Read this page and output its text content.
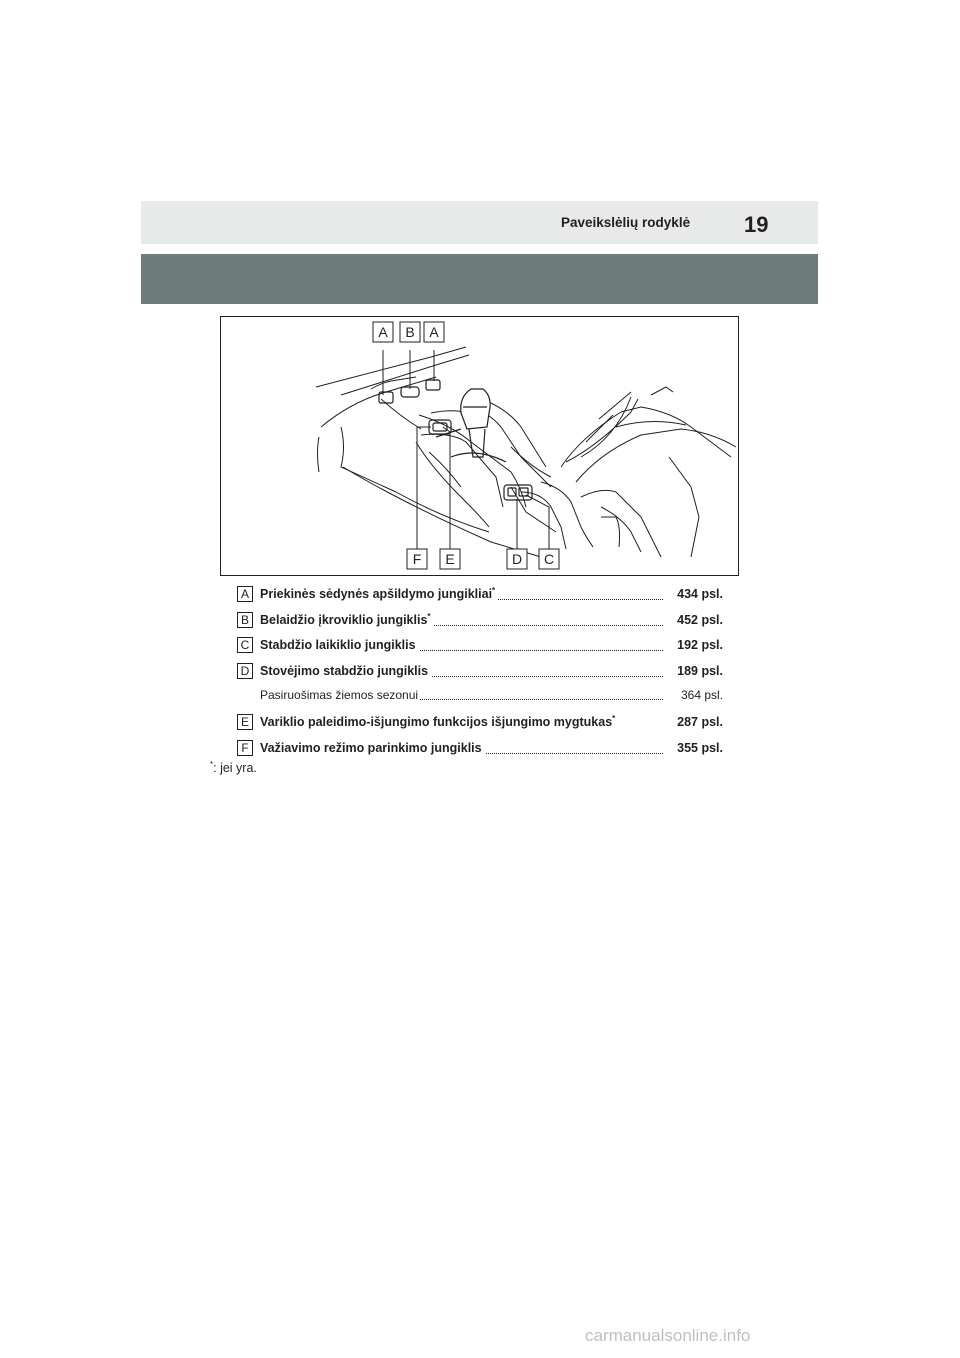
Paveikslėlių rodyklė 19
A B A
F E	D C
A Priekinės sėdynės apšildymo jungikliai*	434 psl.
B Belaidžio įkroviklio jungiklis*	452 psl.
C Stabdžio laikiklio jungiklis	192 psl.
D Stovėjimo stabdžio jungiklis	189 psl.
Pasiruošimas žiemos sezonui	364 psl.
E Variklio paleidimo-išjungimo funkcijos išjungimo mygtukas*	287 psl.
F Važiavimo režimo parinkimo jungiklis	355 psl.
*: jei yra.
carmanualsonline.info
